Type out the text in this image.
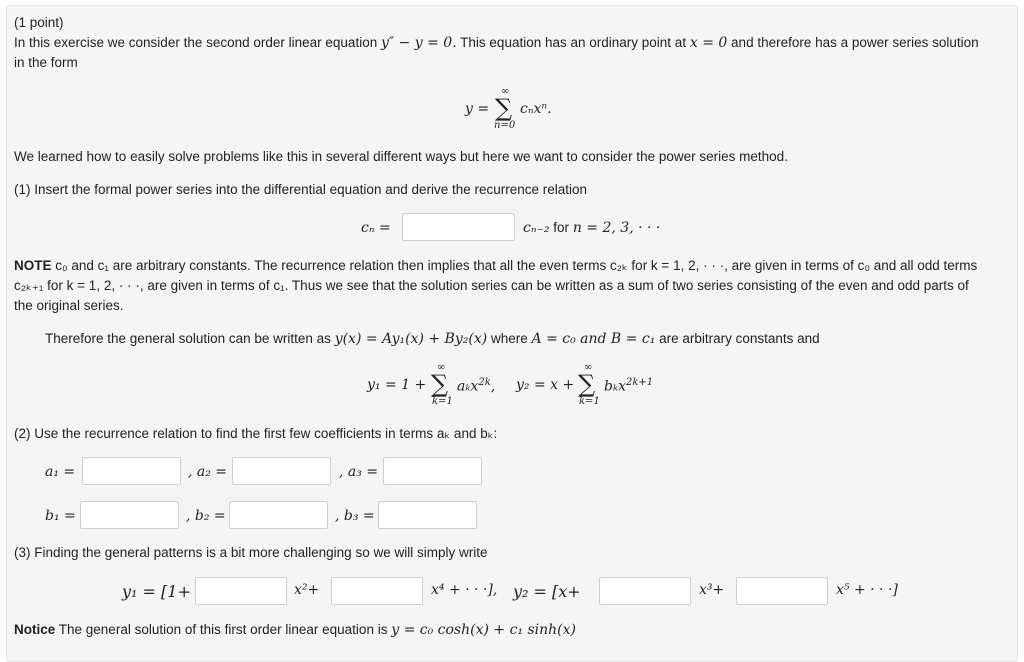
(1 point)
In this exercise we consider the second order linear equation y″ − y = 0. This equation has an ordinary point at x = 0 and therefore has a power series solution
in the form
y =
∞
∑
n=0
cₙxⁿ.
We learned how to easily solve problems like this in several different ways but here we want to consider the power series method.
(1) Insert the formal power series into the differential equation and derive the recurrence relation
cₙ =	cₙ₋₂ for n = 2, 3, · · ·
NOTE c₀ and c₁ are arbitrary constants. The recurrence relation then implies that all the even terms c₂ₖ for k = 1, 2, · · ·, are given in terms of c₀ and all odd terms
c₂ₖ₊₁ for k = 1, 2, · · ·, are given in terms of c₁. Thus we see that the solution series can be written as a sum of two series consisting of the even and odd parts of
the original series.
Therefore the general solution can be written as y(x) = Ay₁(x) + By₂(x) where A = c₀ and B = c₁ are arbitrary constants and
y₁ = 1 +
∞
∑
k=1
aₖx$^{2k}$, y₂ = x +
∞
∑
k=1
bₖx$^{2k+1}$
(2) Use the recurrence relation to find the first few coefficients in terms aₖ and bₖ:
a₁ =	, a₂ =	, a₃ =
b₁ =	, b₂ =	, b₃ =
(3) Finding the general patterns is a bit more challenging so we will simply write
y₁ = [1+	x²+	x⁴ + · · ·], y₂ = [x+	x³+	x⁵ + · · ·]
Notice The general solution of this first order linear equation is y = c₀ cosh(x) + c₁ sinh(x)
